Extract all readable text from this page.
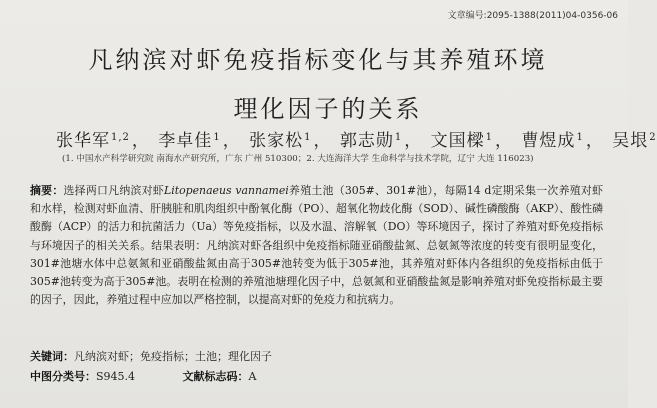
文章编号:2095-1388(2011)04-0356-06
凡纳滨对虾免疫指标变化与其养殖环境
理化因子的关系
张华军$^{1,2}$ ， 李卓佳$^1$ ， 张家松$^1$ ， 郭志勋$^1$ ， 文国樑$^1$ ， 曹煜成$^1$ ， 吴垠$^2$
(1. 中国水产科学研究院 南海水产研究所，广东 广州 510300；2. 大连海洋大学 生命科学与技术学院，辽宁 大连 116023)
摘要：选择两口凡纳滨对虾Litopenaeus vannamei养殖土池（305#、301#池），每隔14 d定期采集一次养殖对虾和水样，检测对虾血清、肝胰脏和肌肉组织中酚氧化酶（PO）、超氧化物歧化酶（SOD）、碱性磷酸酶（AKP）、酸性磷酸酶（ACP）的活力和抗菌活力（Ua）等免疫指标，以及水温、溶解氧（DO）等环境因子，探讨了养殖对虾免疫指标与环境因子的相关关系。结果表明：凡纳滨对虾各组织中免疫指标随亚硝酸盐氮、总氨氮等浓度的转变有很明显变化，301#池塘水体中总氨氮和亚硝酸盐氮由高于305#池转变为低于305#池，其养殖对虾体内各组织的免疫指标由低于305#池转变为高于305#池。表明在检测的养殖池塘理化因子中，总氨氮和亚硝酸盐氮是影响养殖对虾免疫指标最主要的因子，因此，养殖过程中应加以严格控制，以提高对虾的免疫力和抗病力。
关键词：凡纳滨对虾；免疫指标；土池；理化因子
中图分类号：S945.4	文献标志码：A
